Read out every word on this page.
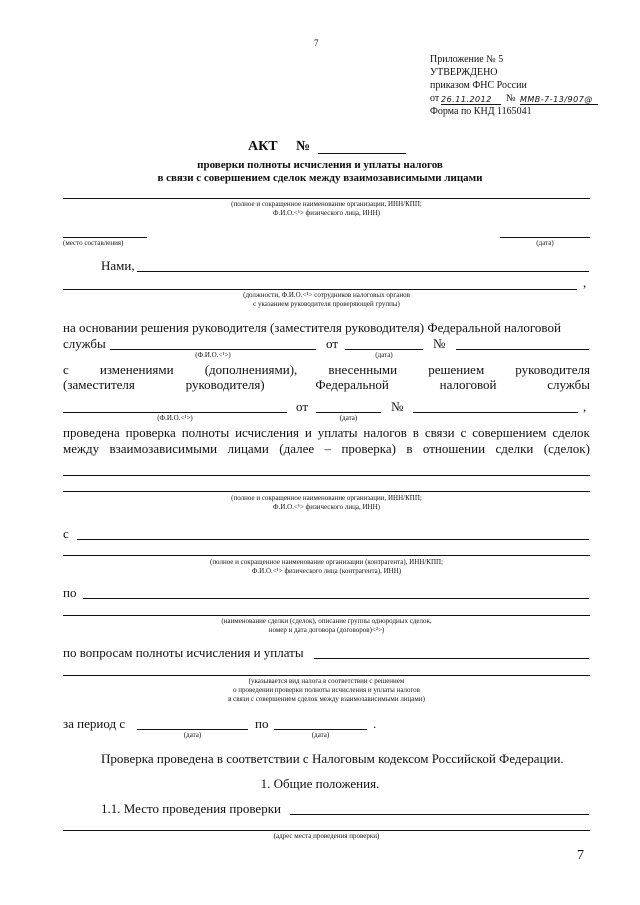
7
Приложение № 5
УТВЕРЖДЕНО
приказом ФНС России
от 26.11.2012	№ ММВ-7-13/907@
Форма по КНД 1165041
АКТ №
проверки полноты исчисления и уплаты налогов
в связи с совершением сделок между взаимозависимыми лицами
(полное и сокращенное наименование организации, ИНН/КПП;
Ф.И.О.<¹> физического лица, ИНН)
(место составления)	(дата)
Нами,
,
(должности, Ф.И.О.<¹> сотрудников налоговых органов
с указанием руководителя проверяющей группы)
на основании решения руководителя (заместителя руководителя) Федеральной налоговой
службы
(Ф.И.О.<¹>)
от
(дата)
№
с изменениями (дополнениями), внесенными решением руководителя
(заместителя	руководителя)	Федеральной	налоговой	службы
(Ф.И.О.<¹>)
от
(дата)
№	,
проведена проверка полноты исчисления и уплаты налогов в связи с совершением сделок
между взаимозависимыми лицами (далее – проверка) в отношении сделки (сделок)
(полное и сокращенное наименование организации, ИНН/КПП;
Ф.И.О.<¹> физического лица, ИНН)
с
(полное и сокращенное наименование организации (контрагента), ИНН/КПП;
Ф.И.О.<¹> физического лица (контрагента), ИНН)
по
(наименование сделки (сделок), описание группы однородных сделок,
номер и дата договора (договоров)<²>)
по вопросам полноты исчисления и уплаты
(указывается вид налога в соответствии с решением
о проведении проверки полноты исчисления и уплаты налогов
в связи с совершением сделок между взаимозависимыми лицами)
за период с
(дата)
по
(дата)
.
Проверка проведена в соответствии с Налоговым кодексом Российской Федерации.
1. Общие положения.
1.1. Место проведения проверки
(адрес места проведения проверки)
7
